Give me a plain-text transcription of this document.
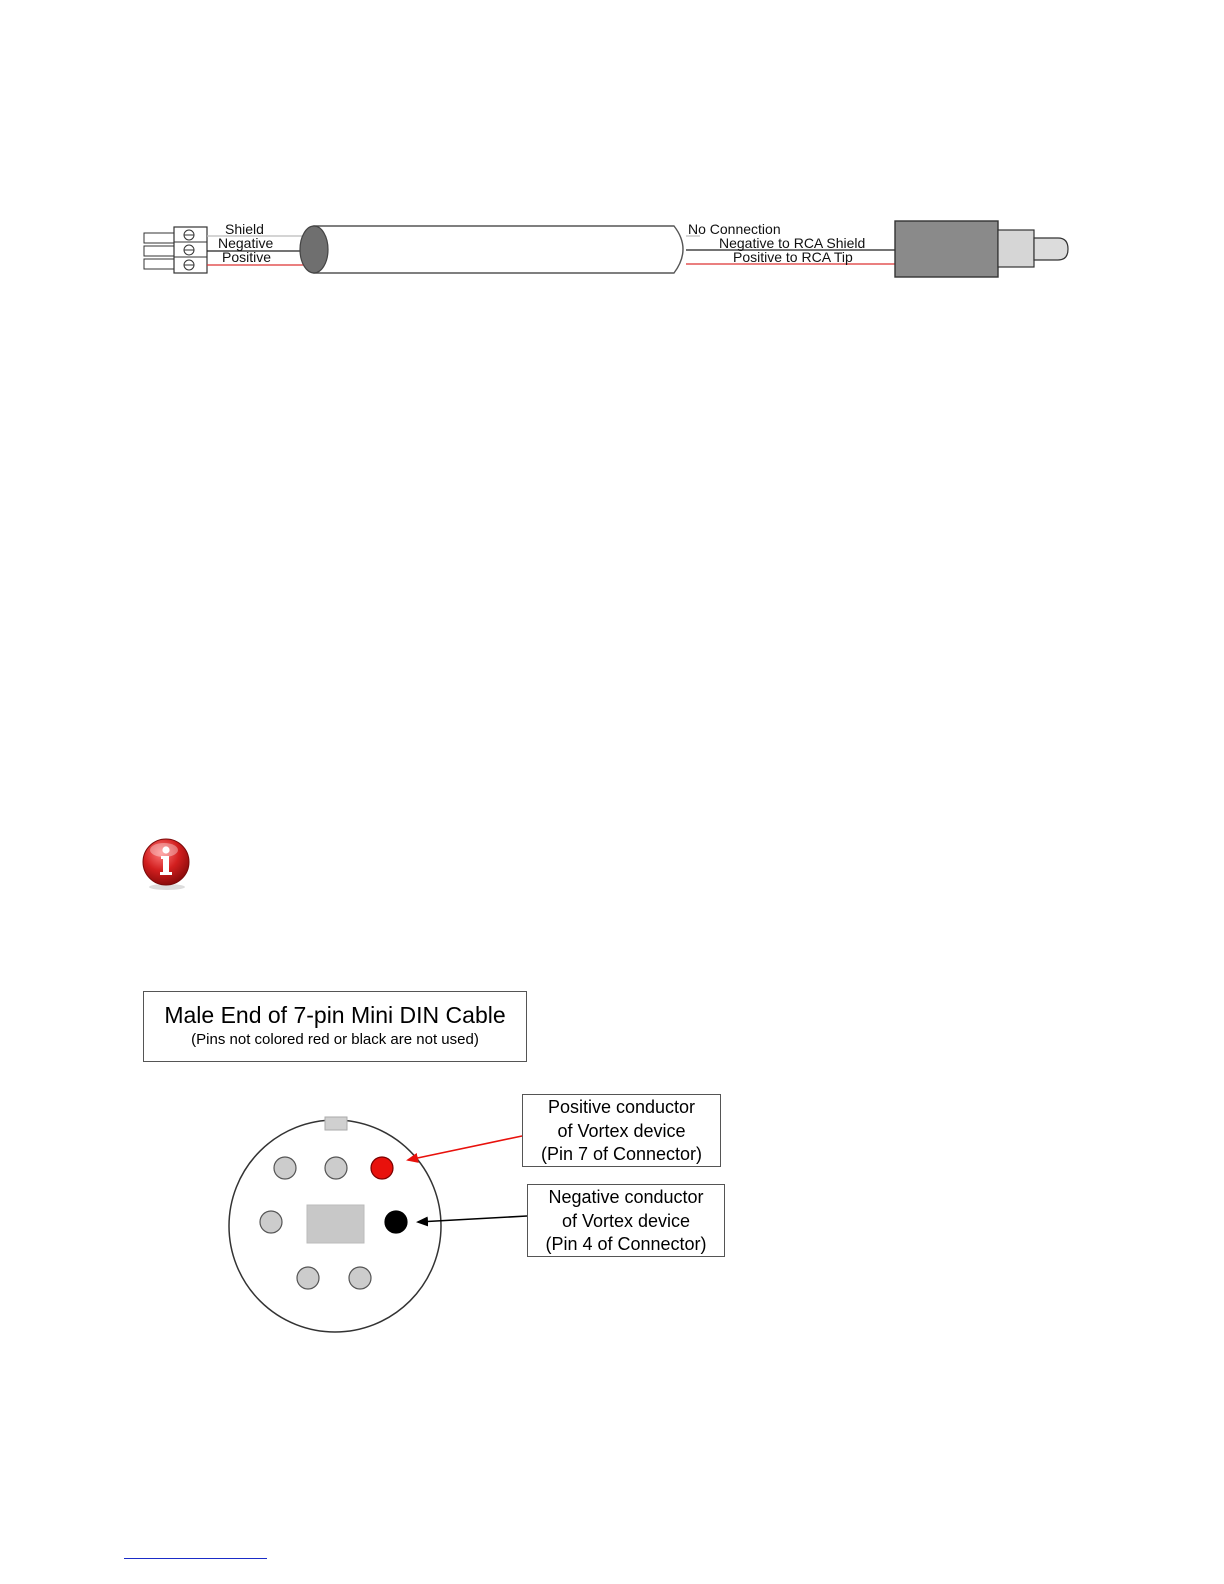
Shield
Negative
Positive
No Connection
Negative to RCA Shield
Positive to RCA Tip
Male End of 7-pin Mini DIN Cable
(Pins not colored red or black are not used)
Positive conductor
of Vortex device
(Pin 7 of Connector)
Negative conductor
of Vortex device
(Pin 4 of Connector)
